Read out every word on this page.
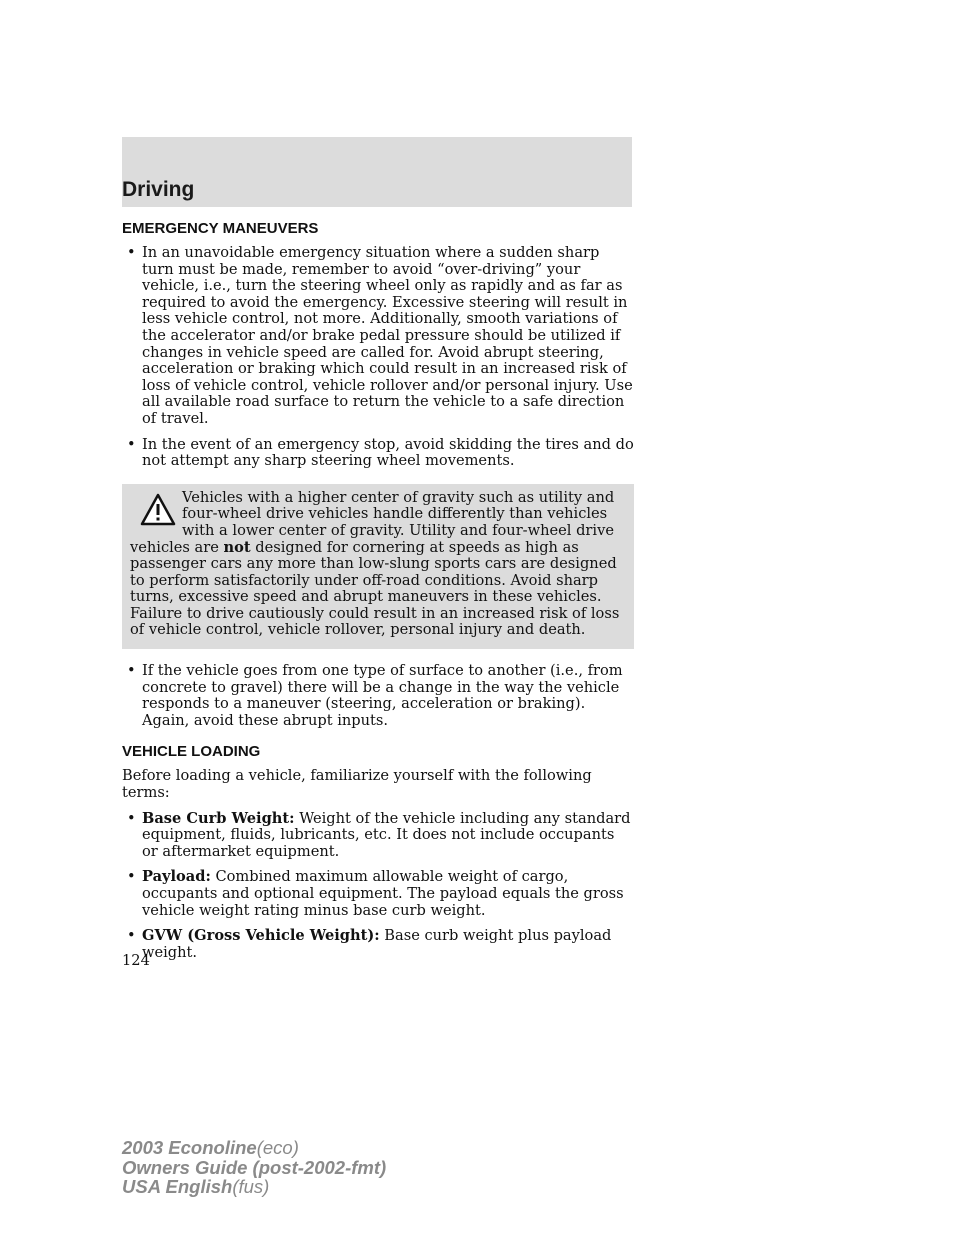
Driving
EMERGENCY MANEUVERS
• In an unavoidable emergency situation where a sudden sharp turn must be made, remember to avoid “over-driving” your vehicle, i.e., turn the steering wheel only as rapidly and as far as required to avoid the emergency. Excessive steering will result in less vehicle control, not more. Additionally, smooth variations of the accelerator and/or brake pedal pressure should be utilized if changes in vehicle speed are called for. Avoid abrupt steering, acceleration or braking which could result in an increased risk of loss of vehicle control, vehicle rollover and/or personal injury. Use all available road surface to return the vehicle to a safe direction of travel.
• In the event of an emergency stop, avoid skidding the tires and do not attempt any sharp steering wheel movements.
Vehicles with a higher center of gravity such as utility and four-wheel drive vehicles handle differently than vehicles with a lower center of gravity. Utility and four-wheel drive vehicles are not designed for cornering at speeds as high as passenger cars any more than low-slung sports cars are designed to perform satisfactorily under off-road conditions. Avoid sharp turns, excessive speed and abrupt maneuvers in these vehicles. Failure to drive cautiously could result in an increased risk of loss of vehicle control, vehicle rollover, personal injury and death.
• If the vehicle goes from one type of surface to another (i.e., from concrete to gravel) there will be a change in the way the vehicle responds to a maneuver (steering, acceleration or braking). Again, avoid these abrupt inputs.
VEHICLE LOADING

Before loading a vehicle, familiarize yourself with the following terms:

• Base Curb Weight: Weight of the vehicle including any standard equipment, fluids, lubricants, etc. It does not include occupants or aftermarket equipment.
• Payload: Combined maximum allowable weight of cargo, occupants and optional equipment. The payload equals the gross vehicle weight rating minus base curb weight.
• GVW (Gross Vehicle Weight): Base curb weight plus payload weight.
124
2003 Econoline(eco)
Owners Guide (post-2002-fmt)
USA English(fus)
